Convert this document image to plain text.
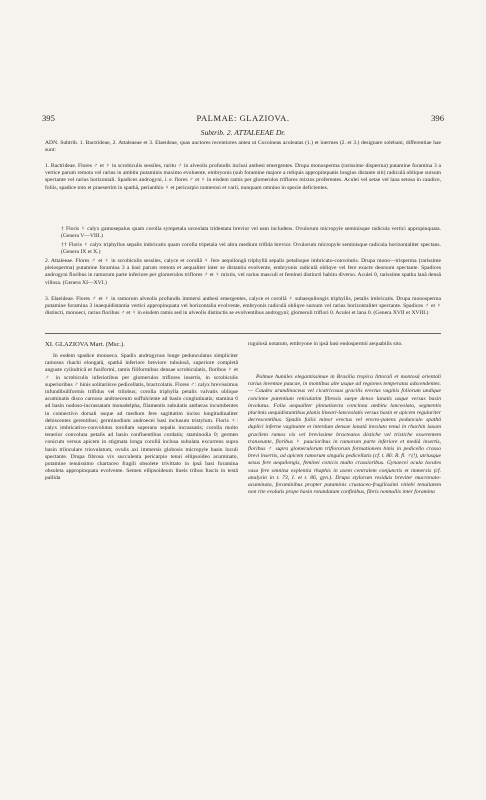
395	PALMAE: GLAZIOVA.	396
Subtrib. 2. ATTALEEAE Dr.

ADN. Subtrib. 1. Bactrideae, 2. Attaleaeae et 3. Elaeideae, quas auctores recentiores antea ut Cocoineas aculeatas (1.) et inermes (2. et 3.) designare solebant, differentiae hae sunt:

1. Bactrideae. Flores ♂ et ♀ in scrobiculis sessiles, raritu ♂ in alveolis profundis inclusi anthesi emergentes. Drupa monosperma (rarissime disperma) putamine foramina 3 a vertice parum remota vel rarius in ambitu putaminis maximo evoluente, embryonis (sub foramine majore a reliquis appropinquatis longius distante siti) radiculâ oblique sursum spectante vel rarius horizontali. Spadices androgyni, i. e. flores ♂ et ♀ in eisdem ramis per glomerulos triflores mixtos proferentes. Aculei vel setae vel lana setosa in caudice, foliis, spadice toto et praesertim in spathâ, perianthio ♀ et pericarpio numerosi et varii, nunquam omnino in specie deficientes.

† Floris ♀ calyx gamosepalus quam corolla sympetala urceolata tridentata brevior vel eam includens. Ovulorum micropyle seminisque radicula vertici appropinquata. (Genera V—VIII.)

†† Floris ♀ calyx triphyllus sepalis imbricatis quam corolla tripetala vel altra medium trifida brevior. Ovulorum micropyle seminisque radicula horizontaliter spectans. (Genera IX et X.)

2. Attaleeae. Flores ♂ et ♀ in scrobiculis sessiles, calyce et corollâ ♀ fere aequilongâ triphyllâ sepalis petalisque imbricato-convolutis. Drupa mono—trisperma (rarissime pleiosperma) putamine foramina 3 a basi parum remota et aequaliter inter se distantia evolvente, embryonis radiculâ obliqve vel fere exacte deorsum spectante. Spadices androgyni floribus in ramorum parte inferiore per glomerulos triflores ♂ et ♀ mixtis, vel rarius masculi et feminei distincti habitu diverso. Aculei 0, rarissime spatha lanâ densâ villosa. (Genera XI—XVI.)

3. Elaeideae. Flores ♂ et ♀ in ramorum alveolis profundis immersi anthesi emergentes, calyce et corollâ ♀ subaequilongis triphyllis, petalis imbricatis. Drupa monosperma putamine foramina 3 inaequidistantia vertici appropinquata vel horizontalia evolvente, embryonis radiculâ obliqve sursum vel rarius horizontaliter spectante. Spadices ♂ et ♀ distincti, monoeci, rarius floribus ♂ et ♀ in eisdem ramis sed in alveolis distinctis se evolventibus androgyni; glomeruli triflori 0. Aculei et lana 0. (Genera XVII et XVIII.)

XI. GLAZIOVA Mart. (Msc.).

In eodem spadice monoeca. Spadix androgynus longe pedunculatus simpliciter ramosus rhachi elongatâ, spathâ inferiore breviore tubulosâ, superiore completâ anguste cylindricâ et fusiformi, ramis filiformibus densae scrobiculatis, floribus ♀ et ♂ in scrobiculis inferioribus per glomerulos triflores insertis, in scrobiculis superioribus ♂ binis solitariisve pedicellatis, bractcolatis. Flores ♂: calyx brevissimus infundibuliformis trifidus vel trilobus; corolla triphylla petalis valvatis oblique acuminatis disco carnoso androeceum suffulciente ad basin conglutinatis; stamina 6 ad basin nodoso-incrassatam monadelpha, filamentis subulatis antheras incumbentes in connectivo dorsali usque ad medium fere sagittatim inciso longitudinaliter dehiscentes gerentibus; germinodium androecei basi inclusum tristylum. Floris ♀: calyx imbricativo-convolutus torollam superans sepalis incrassatis; corolla multo tenerior convoluta petalis ad basin confluentibus cordatis; staminodia 0; germen conicum versus apicem in stigmata longa corollâ inclusa subulata excurrens supra basin triloculare triovulatum, ovulis axi immersis globosis micropyle basin loculi spectante. Drupa fibrosa vix succulenta pericarpio tenui ellipsoideo acuminato, putamine tenuissimo chartaceo fragili obsolete trivittato in ipsâ basi foramina obsoleta appropinquata evolvente. Semen ellipsoideum lineis tribus fuscis in testâ pallida

rugulosâ notatum, embryone in ipsâ basi endospermii aequabilis sito.

Palmae humiles elegantissimae in Brasilia tropica littorali et montosâ orientali rarius inventae paucae, in montibus alte usque ad regiones temperatas adscendentes. — Caudex arundinaceus vel cicatricosus gracilis erectus vaginis foliorum undique concinne patentium reticulatim fibrosis saepe denso lanatis usque versus basin involutus. Folia aequaliter pinnatisecta concinna ambitu lanceolata, segmentis plurimis aequidistantibus planis lineari-lanceolatis versus basin et apicem regulariter decrescentibus. Spadix foliis minor erectus vel erecto-patens pedunculo spathâ duplici inferne vaginante et interdum densae lanatâ involuto tenui in rhachin laxam gracilem ramos vix vel brevissime bracteatos distiche vel tristiche exserentem transeunte, floribus ♀ paucioribus in ramorum parte inferiore et mediâ insertis, floribus ♂ supra glomerulorum triflororum formationem binis in pedicello crasso brevi insertis, ad apicem ramorum singulis pedicellatis (cf. t. 86: R. fl. ♂(!), utriusque sexus fere aequilongis, feminei conicis multo crassioribus. Gynaecei ocula locules vasa fere omnina explentia rhaphis in axem centralem conjunctis et immersis (cf. analysin in t. 73, I. et t. 86, gyn.). Drupa stylorum residuis breviter mucronato-acuminata, foraminibus propter putaminis crustaceo-fragilissimi vitiebi tenuitatem non rite evolutis prope basin rotundatam confinibus, fibris nonnullis inter foramina
